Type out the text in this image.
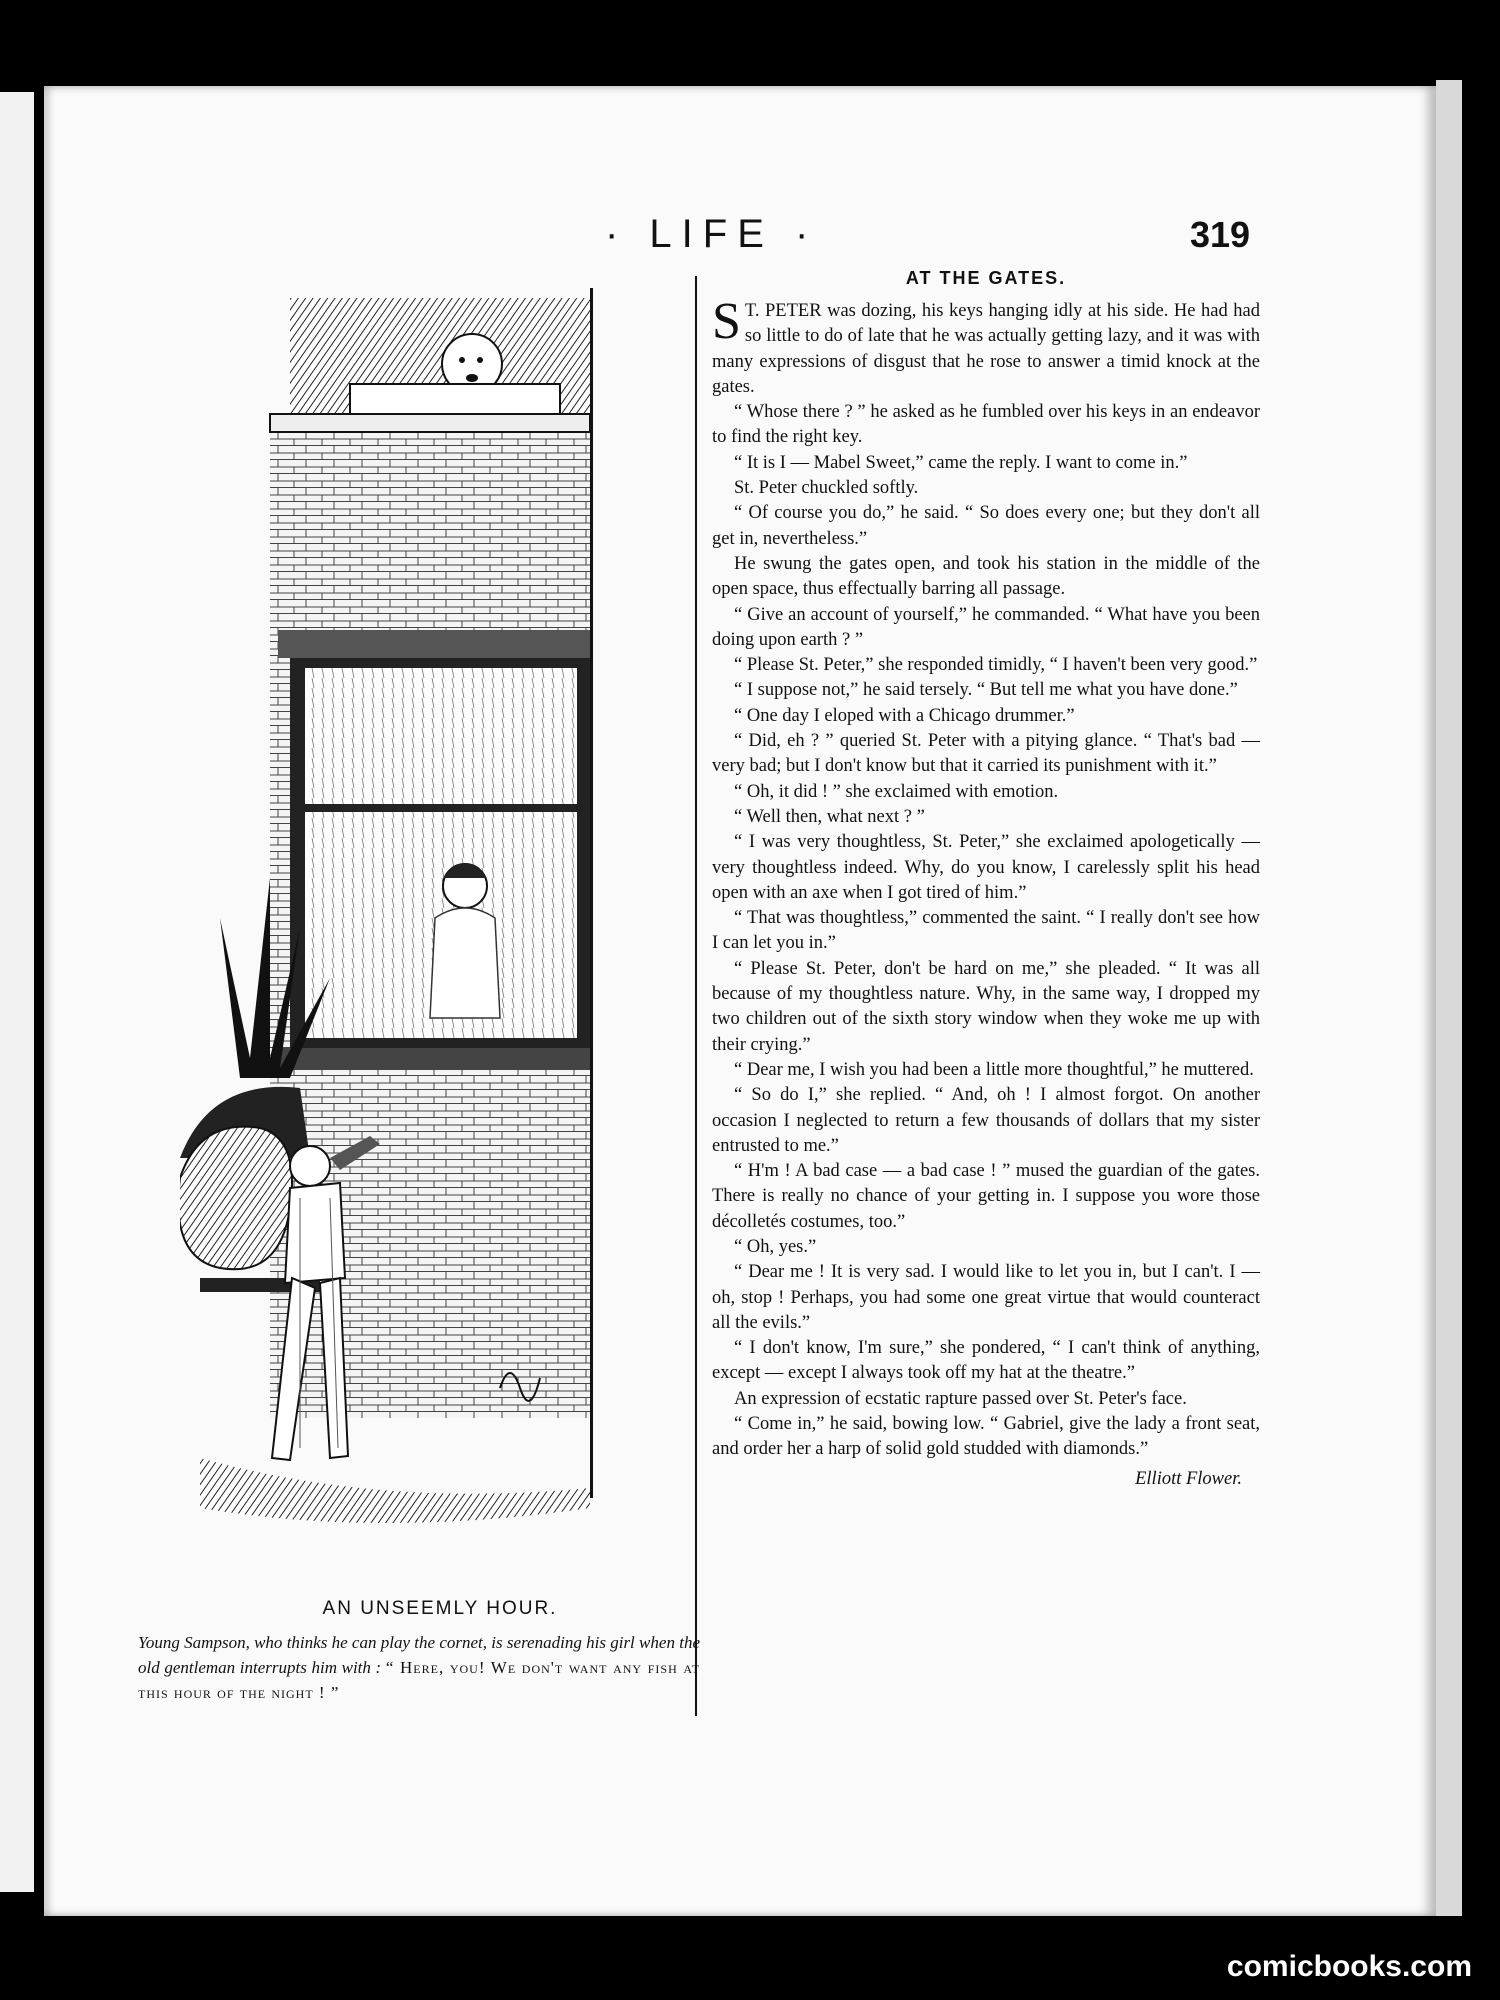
· LIFE ·	319
AN UNSEEMLY HOUR.
Young Sampson, who thinks he can play the cornet, is serenading his girl when the old gentleman interrupts him with : “ Here, you! We don't want any fish at this hour of the night ! ”
AT THE GATES.

S T. PETER was dozing, his keys hanging idly at his side. He had had so little to do of late that he was actually getting lazy, and it was with many expressions of disgust that he rose to answer a timid knock at the gates.

“ Whose there ? ” he asked as he fumbled over his keys in an endeavor to find the right key.

“ It is I — Mabel Sweet,” came the reply. I want to come in.”

St. Peter chuckled softly.

“ Of course you do,” he said. “ So does every one; but they don't all get in, nevertheless.”

He swung the gates open, and took his station in the middle of the open space, thus effectually barring all passage.

“ Give an account of yourself,” he commanded. “ What have you been doing upon earth ? ”

“ Please St. Peter,” she responded timidly, “ I haven't been very good.”

“ I suppose not,” he said tersely. “ But tell me what you have done.”

“ One day I eloped with a Chicago drummer.”

“ Did, eh ? ” queried St. Peter with a pitying glance. “ That's bad — very bad; but I don't know but that it carried its punishment with it.”

“ Oh, it did ! ” she exclaimed with emotion.

“ Well then, what next ? ”

“ I was very thoughtless, St. Peter,” she exclaimed apologetically — very thoughtless indeed. Why, do you know, I carelessly split his head open with an axe when I got tired of him.”

“ That was thoughtless,” commented the saint. “ I really don't see how I can let you in.”

“ Please St. Peter, don't be hard on me,” she pleaded. “ It was all because of my thoughtless nature. Why, in the same way, I dropped my two children out of the sixth story window when they woke me up with their crying.”

“ Dear me, I wish you had been a little more thoughtful,” he muttered.

“ So do I,” she replied. “ And, oh ! I almost forgot. On another occasion I neglected to return a few thousands of dollars that my sister entrusted to me.”

“ H'm ! A bad case — a bad case ! ” mused the guardian of the gates. There is really no chance of your getting in. I suppose you wore those décolletés costumes, too.”

“ Oh, yes.”

“ Dear me ! It is very sad. I would like to let you in, but I can't. I — oh, stop ! Perhaps, you had some one great virtue that would counteract all the evils.”

“ I don't know, I'm sure,” she pondered, “ I can't think of anything, except — except I always took off my hat at the theatre.”

An expression of ecstatic rapture passed over St. Peter's face.

“ Come in,” he said, bowing low. “ Gabriel, give the lady a front seat, and order her a harp of solid gold studded with diamonds.”

Elliott Flower.
comicbooks.com
